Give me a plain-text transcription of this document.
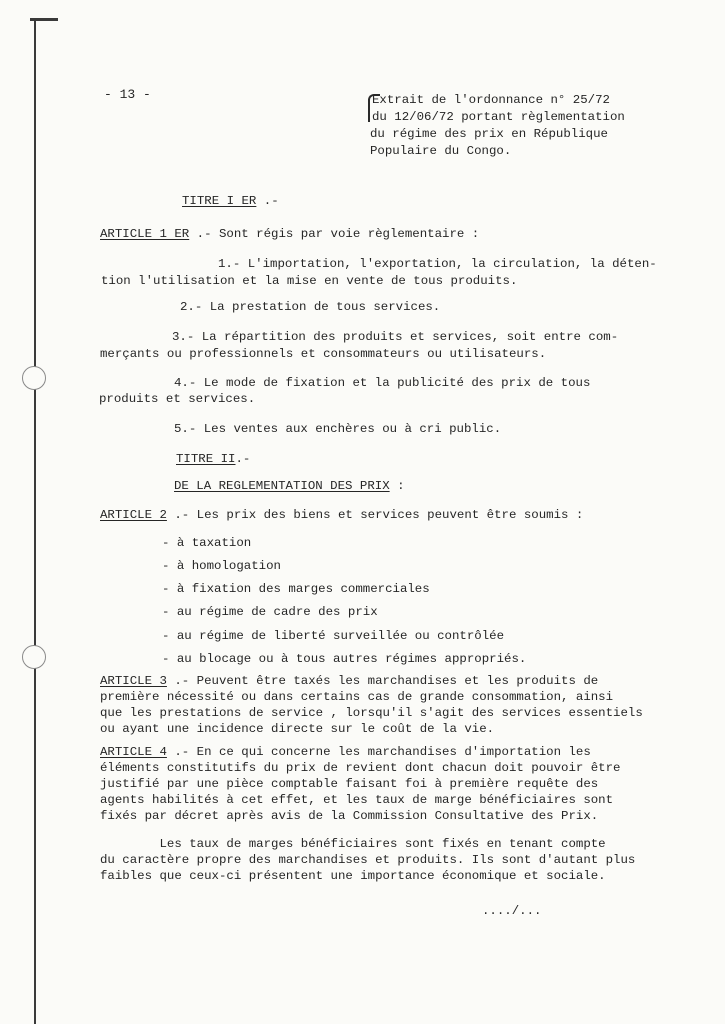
- 13 -	Extrait de l'ordonnance n° 25/72
du 12/06/72 portant règlementation
du régime des prix en République
Populaire du Congo.
TITRE I ER .-
ARTICLE 1 ER .- Sont régis par voie règlementaire :
1.- L'importation, l'exportation, la circulation, la déten-
tion l'utilisation et la mise en vente de tous produits.
2.- La prestation de tous services.
3.- La répartition des produits et services, soit entre com-
merçants ou professionnels et consommateurs ou utilisateurs.
4.- Le mode de fixation et la publicité des prix de tous
produits et services.
5.- Les ventes aux enchères ou à cri public.
TITRE II.-
DE LA REGLEMENTATION DES PRIX :
ARTICLE 2 .- Les prix des biens et services peuvent être soumis :
- à taxation
- à homologation
- à fixation des marges commerciales
- au régime de cadre des prix
- au régime de liberté surveillée ou contrôlée
- au blocage ou à tous autres régimes appropriés.
ARTICLE 3 .- Peuvent être taxés les marchandises et les produits de
première nécessité ou dans certains cas de grande consommation, ainsi
que les prestations de service , lorsqu'il s'agit des services essentiels
ou ayant une incidence directe sur le coût de la vie.
ARTICLE 4 .- En ce qui concerne les marchandises d'importation les
éléments constitutifs du prix de revient dont chacun doit pouvoir être
justifié par une pièce comptable faisant foi à première requête des
agents habilités à cet effet, et les taux de marge bénéficiaires sont
fixés par décret après avis de la Commission Consultative des Prix.
Les taux de marges bénéficiaires sont fixés en tenant compte
du caractère propre des marchandises et produits. Ils sont d'autant plus
faibles que ceux-ci présentent une importance économique et sociale.
..../...
